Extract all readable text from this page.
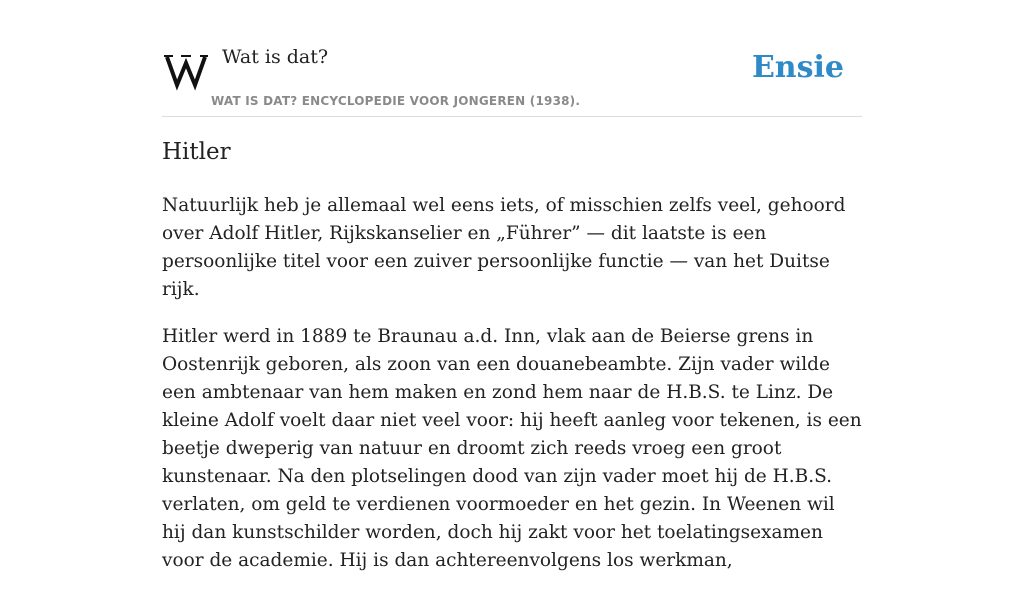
Wat is dat?
WAT IS DAT? ENCYCLOPEDIE VOOR JONGEREN (1938).
Ensie
Hitler

Natuurlijk heb je allemaal wel eens iets, of misschien zelfs veel, gehoord over Adolf Hitler, Rijkskanselier en „Führer” — dit laatste is een persoonlijke titel voor een zuiver persoonlijke functie — van het Duitse rijk.

Hitler werd in 1889 te Braunau a.d. Inn, vlak aan de Beierse grens in Oostenrijk geboren, als zoon van een douanebeambte. Zijn vader wilde een ambtenaar van hem maken en zond hem naar de H.B.S. te Linz. De kleine Adolf voelt daar niet veel voor: hij heeft aanleg voor tekenen, is een beetje dweperig van natuur en droomt zich reeds vroeg een groot kunstenaar. Na den plotselingen dood van zijn vader moet hij de H.B.S. verlaten, om geld te verdienen voormoeder en het gezin. In Weenen wil hij dan kunstschilder worden, doch hij zakt voor het toelatingsexamen voor de academie. Hij is dan achtereenvolgens los werkman,
